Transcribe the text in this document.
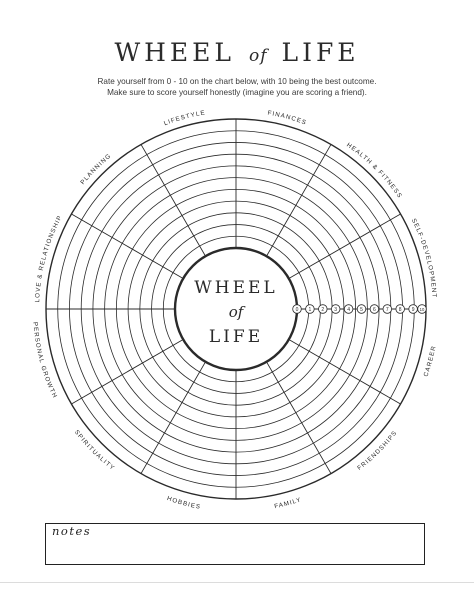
WHEEL of LIFE
Rate yourself from 0 - 10 on the chart below, with 10 being the best outcome.
Make sure to score yourself honestly (imagine you are scoring a friend).
WHEEL
of
LIFE
0 1 2 3 4 5 6 7 8 9 10
FINANCES
HEALTH & FITNESS
SELF-DEVELOPMENT
CAREER
FRIENDSHIPS
FAMILY
HOBBIES
SPIRITUALITY
PERSONAL GROWTH
LOVE & RELATIONSHIP
PLANNING
LIFESTYLE
notes
